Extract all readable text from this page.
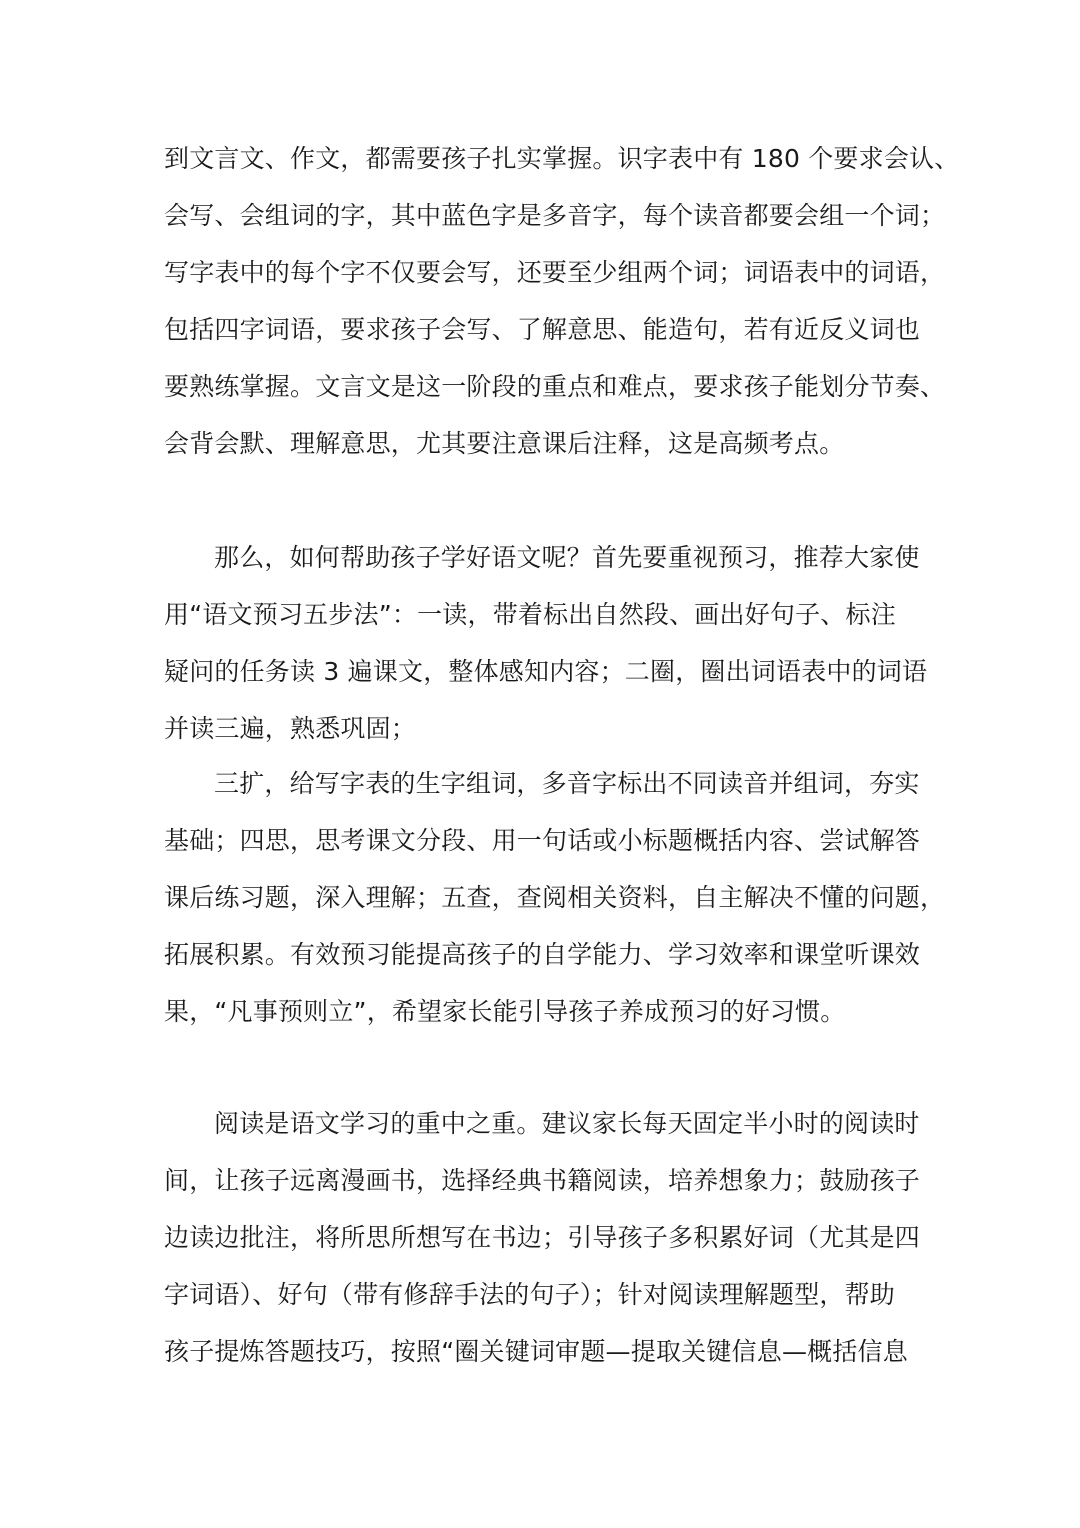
到文言文、作文，都需要孩子扎实掌握。识字表中有 180 个要求会认、
会写、会组词的字，其中蓝色字是多音字，每个读音都要会组一个词；
写字表中的每个字不仅要会写，还要至少组两个词；词语表中的词语，
包括四字词语，要求孩子会写、了解意思、能造句，若有近反义词也
要熟练掌握。文言文是这一阶段的重点和难点，要求孩子能划分节奏、
会背会默、理解意思，尤其要注意课后注释，这是高频考点。
那么，如何帮助孩子学好语文呢？首先要重视预习，推荐大家使
用“语文预习五步法”：一读，带着标出自然段、画出好句子、标注
疑问的任务读 3 遍课文，整体感知内容；二圈，圈出词语表中的词语
并读三遍，熟悉巩固；
三扩，给写字表的生字组词，多音字标出不同读音并组词，夯实
基础；四思，思考课文分段、用一句话或小标题概括内容、尝试解答
课后练习题，深入理解；五查，查阅相关资料，自主解决不懂的问题，
拓展积累。有效预习能提高孩子的自学能力、学习效率和课堂听课效
果，“凡事预则立”，希望家长能引导孩子养成预习的好习惯。
阅读是语文学习的重中之重。建议家长每天固定半小时的阅读时
间，让孩子远离漫画书，选择经典书籍阅读，培养想象力；鼓励孩子
边读边批注，将所思所想写在书边；引导孩子多积累好词（尤其是四
字词语）、好句（带有修辞手法的句子）；针对阅读理解题型，帮助
孩子提炼答题技巧，按照“圈关键词审题—提取关键信息—概括信息
